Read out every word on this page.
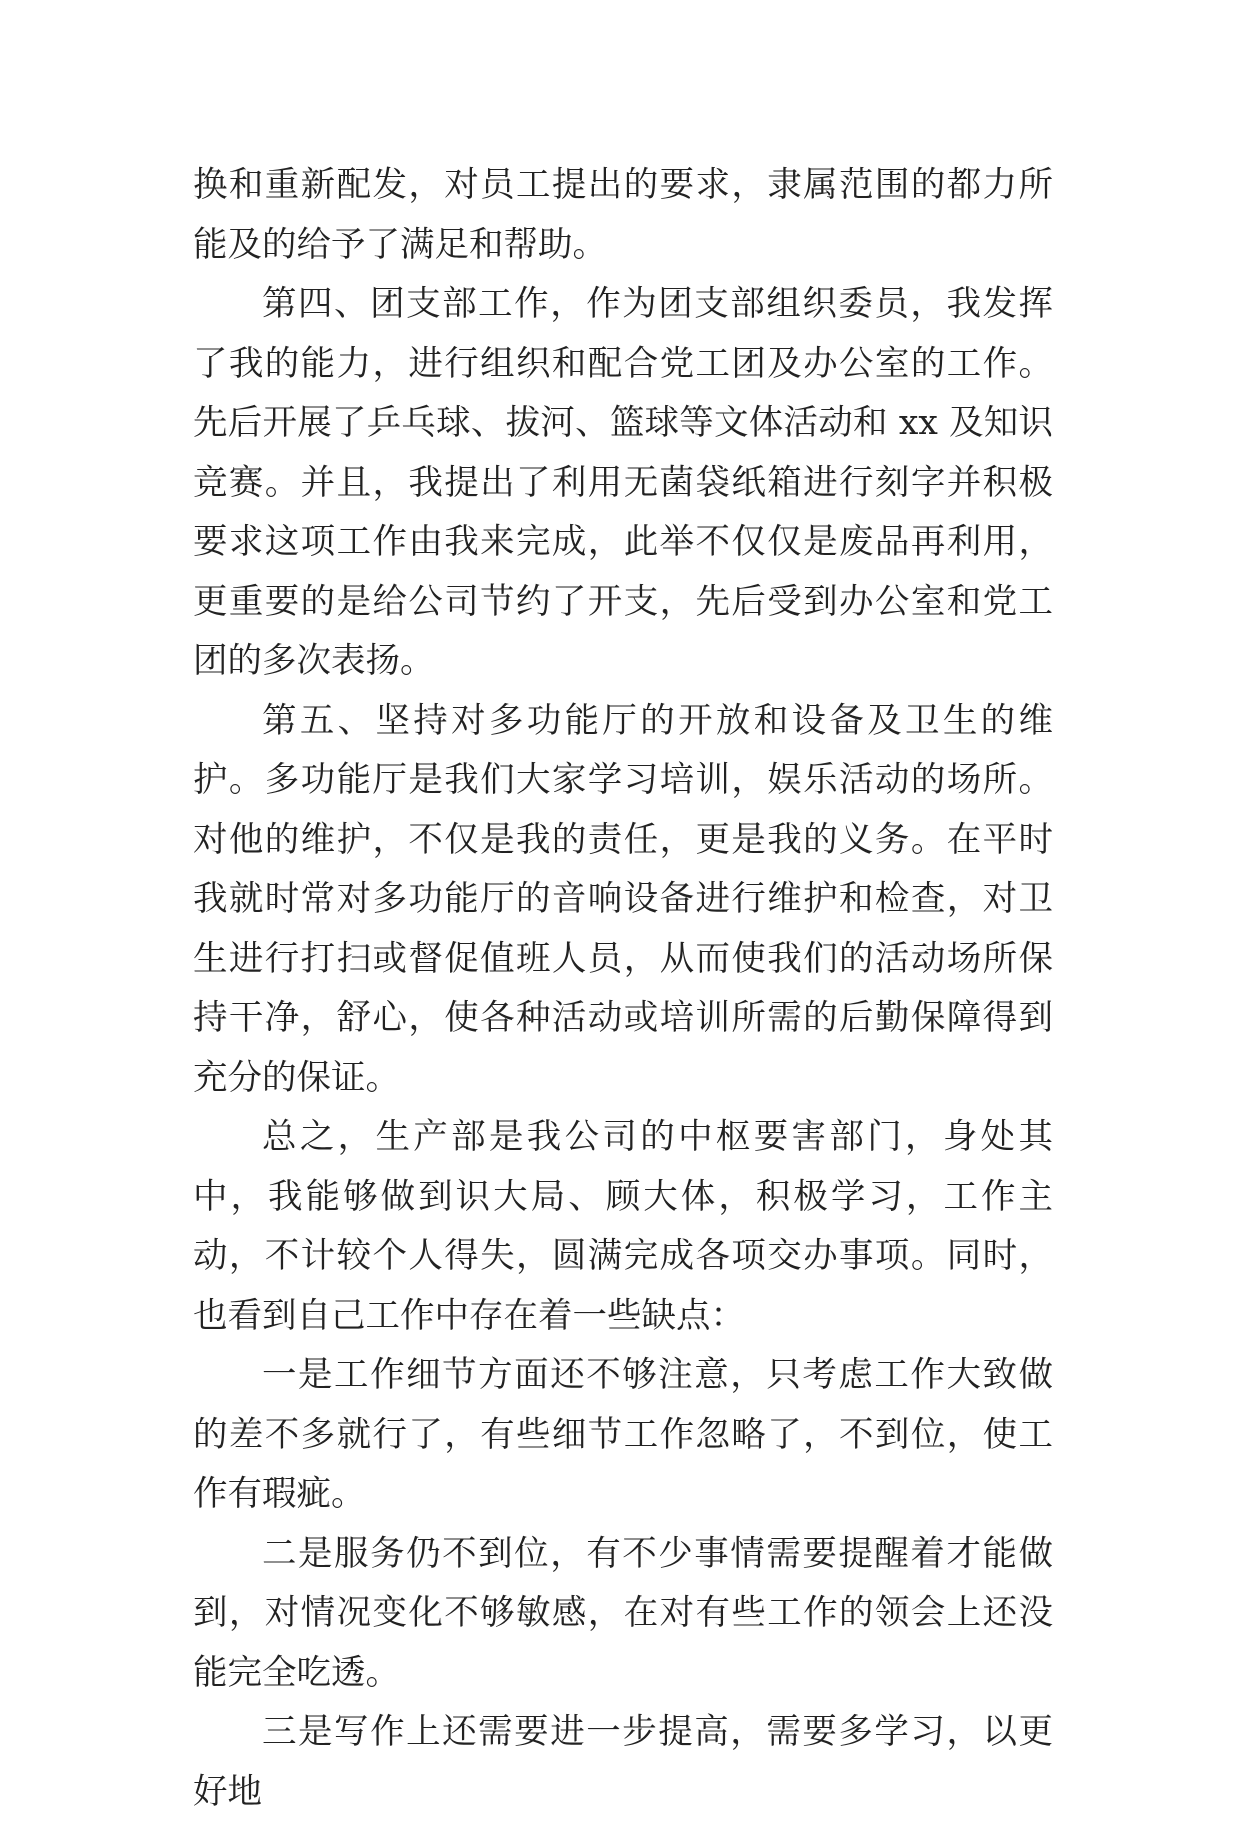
换和重新配发，对员工提出的要求，隶属范围的都力所能及的给予了满足和帮助。

第四、团支部工作，作为团支部组织委员，我发挥了我的能力，进行组织和配合党工团及办公室的工作。先后开展了乒乓球、拔河、篮球等文体活动和 xx 及知识竞赛。并且，我提出了利用无菌袋纸箱进行刻字并积极要求这项工作由我来完成，此举不仅仅是废品再利用，更重要的是给公司节约了开支，先后受到办公室和党工团的多次表扬。

第五、坚持对多功能厅的开放和设备及卫生的维护。多功能厅是我们大家学习培训，娱乐活动的场所。对他的维护，不仅是我的责任，更是我的义务。在平时我就时常对多功能厅的音响设备进行维护和检查，对卫生进行打扫或督促值班人员，从而使我们的活动场所保持干净，舒心，使各种活动或培训所需的后勤保障得到充分的保证。

总之，生产部是我公司的中枢要害部门，身处其中，我能够做到识大局、顾大体，积极学习，工作主动，不计较个人得失，圆满完成各项交办事项。同时，也看到自己工作中存在着一些缺点：

一是工作细节方面还不够注意，只考虑工作大致做的差不多就行了，有些细节工作忽略了，不到位，使工作有瑕疵。

二是服务仍不到位，有不少事情需要提醒着才能做到，对情况变化不够敏感，在对有些工作的领会上还没能完全吃透。

三是写作上还需要进一步提高，需要多学习，以更好地
